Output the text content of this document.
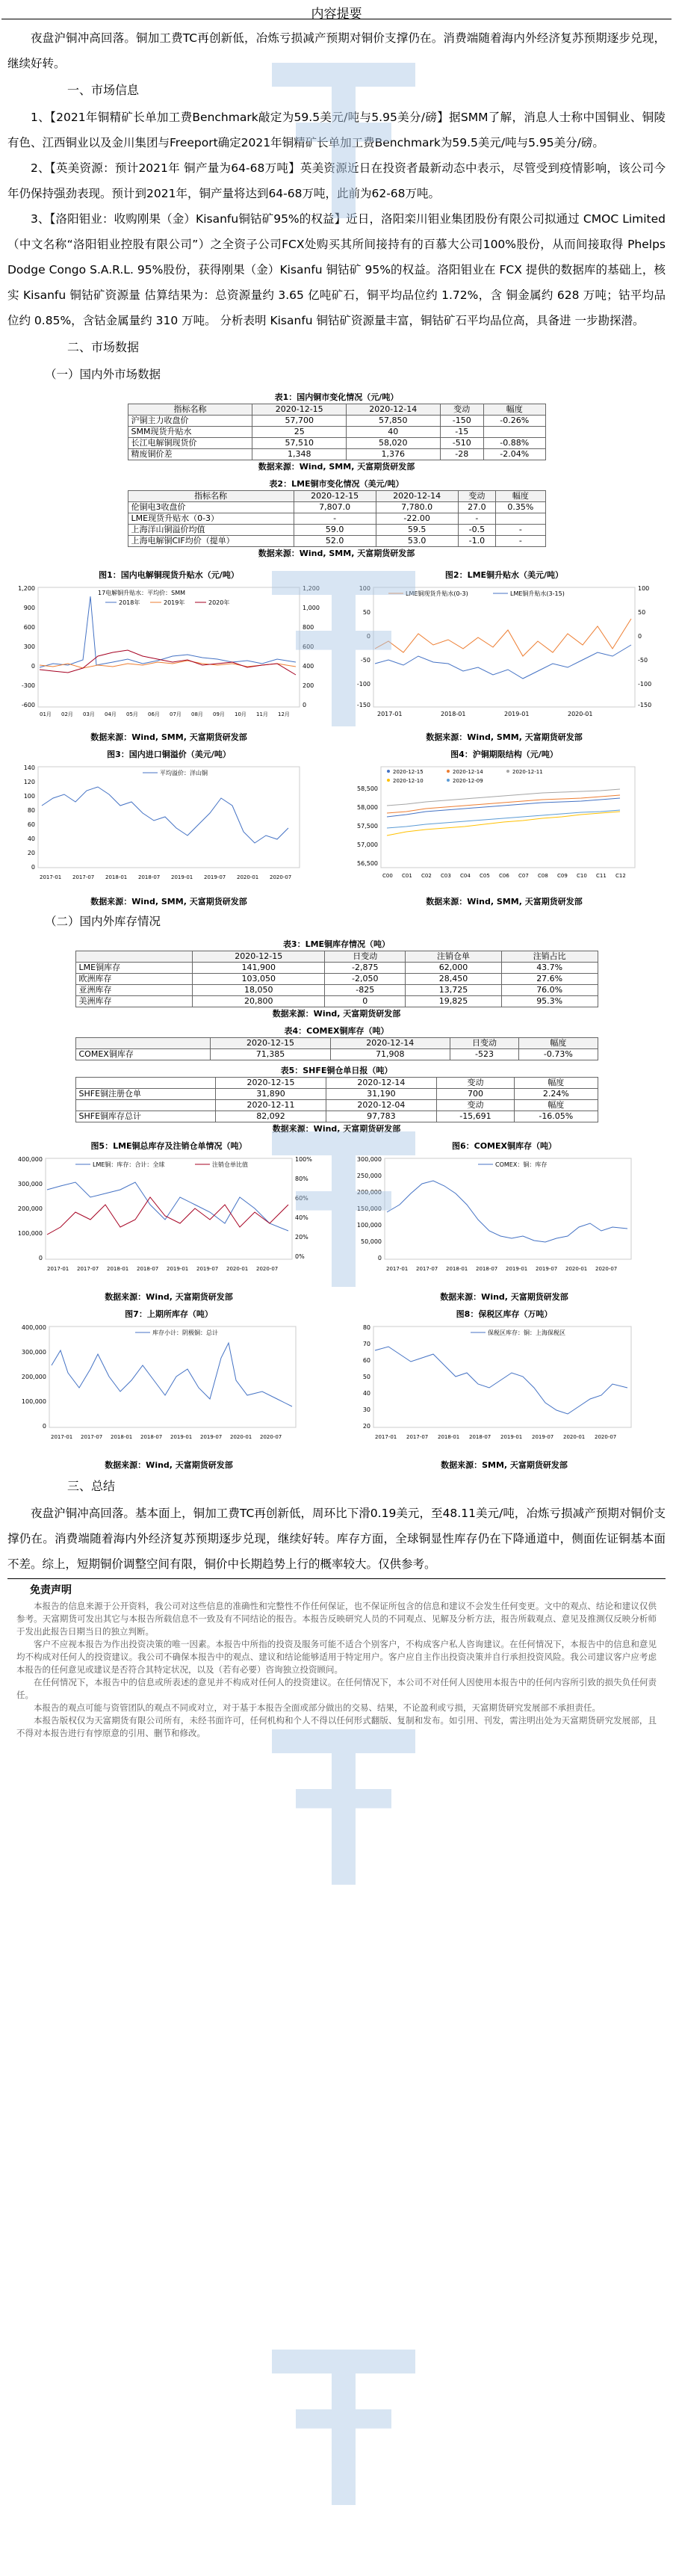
内容提要
夜盘沪铜冲高回落。铜加工费TC再创新低，冶炼亏损减产预期对铜价支撑仍在。消费端随着海内外经济复苏预期逐步兑现，继续好转。
一、市场信息
1、【2021年铜精矿长单加工费Benchmark敲定为59.5美元/吨与5.95美分/磅】据SMM了解，消息人士称中国铜业、铜陵有色、江西铜业以及金川集团与Freeport确定2021年铜精矿长单加工费Benchmark为59.5美元/吨与5.95美分/磅。
2、【英美资源：预计2021年 铜产量为64-68万吨】英美资源近日在投资者最新动态中表示，尽管受到疫情影响，该公司今年仍保持强劲表现。预计到2021年，铜产量将达到64-68万吨，此前为62-68万吨。
3、【洛阳钼业：收购刚果（金）Kisanfu铜钴矿95%的权益】近日，洛阳栾川钼业集团股份有限公司拟通过 CMOC Limited（中文名称“洛阳钼业控股有限公司”）之全资子公司FCX处购买其所间接持有的百慕大公司100%股份，从而间接取得 Phelps Dodge Congo S.A.R.L. 95%股份，获得刚果（金）Kisanfu 铜钴矿 95%的权益。洛阳钼业在 FCX 提供的数据库的基础上，核实 Kisanfu 铜钴矿资源量 估算结果为：总资源量约 3.65 亿吨矿石，铜平均品位约 1.72%，含 铜金属约 628 万吨；钴平均品位约 0.85%，含钴金属量约 310 万吨。 分析表明 Kisanfu 铜钴矿资源量丰富，铜钴矿石平均品位高，具备进 一步勘探潜。
二、市场数据
（一）国内外市场数据
表1：国内铜市变化情况（元/吨）
指标名称	2020-12-15	2020-12-14	变动	幅度
沪铜主力收盘价	57,700	57,850	-150	-0.26%
SMM现货升贴水	25	40	-15	
长江电解铜现货价	57,510	58,020	-510	-0.88%
精废铜价差	1,348	1,376	-28	-2.04%
数据来源：Wind, SMM, 天富期货研发部
表2：LME铜市变化情况（美元/吨）
指标名称	2020-12-15	2020-12-14	变动	幅度
伦铜电3收盘价	7,807.0	7,780.0	27.0	0.35%
LME现货升贴水（0-3）	-	-22.00	-	
上海洋山铜溢价均值	59.0	59.5	-0.5	-
上海电解铜CIF均价（提单）	52.0	53.0	-1.0	-
数据来源：Wind, SMM, 天富期货研发部
图1：国内电解铜现货升贴水（元/吨）
17电解铜升贴水：平均价：SMM
2018年	2019年	2020年
1,200
900
600
300
0
-300
-600
1,200
1,000
800
600
400
200
0
01月 02月 03月 04月 05月 06月 07月 08月 09月 10月 11月 12月
数据来源：Wind, SMM, 天富期货研发部
图2：LME铜升贴水（美元/吨）
LME铜现货升贴水(0-3)	LME铜升贴水(3-15)
100
50
0
-50
-100
-150
100
50
0
-50
-100
-150
2017-01	2018-01	2019-01	2020-01
数据来源：Wind, SMM, 天富期货研发部
图3：国内进口铜溢价（美元/吨）
平均溢价：洋山铜
140
120
100
80
60
40
20
0
2017-01 2017-07 2018-01 2018-07 2019-01 2019-07 2020-01 2020-07
数据来源：Wind, SMM, 天富期货研发部
图4：沪铜期限结构（元/吨）
2020-12-15	2020-12-14	2020-12-11
2020-12-10	2020-12-09
58,500
58,000
57,500
57,000
56,500
C00 C01 C02 C03 C04 C05 C06 C07 C08 C09 C10 C11 C12
数据来源：Wind, SMM, 天富期货研发部
（二）国内外库存情况
表3：LME铜库存情况（吨）
	2020-12-15	日变动	注销仓单	注销占比
LME铜库存	141,900	-2,875	62,000	43.7%
欧洲库存	103,050	-2,050	28,450	27.6%
亚洲库存	18,050	-825	13,725	76.0%
美洲库存	20,800	0	19,825	95.3%
数据来源：Wind, 天富期货研发部
表4：COMEX铜库存（吨）
	2020-12-15	2020-12-14	日变动	幅度
COMEX铜库存	71,385	71,908	-523	-0.73%
表5：SHFE铜仓单日报（吨）
	2020-12-15	2020-12-14	变动	幅度
SHFE铜注册仓单	31,890	31,190	700	2.24%
	2020-12-11	2020-12-04	变动	幅度
SHFE铜库存总计	82,092	97,783	-15,691	-16.05%
数据来源：Wind, 天富期货研发部
图5：LME铜总库存及注销仓单情况（吨）
LME铜：库存：合计：全球	注销仓单比值
400,000
300,000
200,000
100,000
0
100%
80%
60%
40%
20%
0%
2017-01 2017-07 2018-01 2018-07 2019-01 2019-07 2020-01 2020-07
数据来源：Wind, 天富期货研发部
图6：COMEX铜库存（吨）
COMEX：铜：库存
300,000
250,000
200,000
150,000
100,000
50,000
0
2017-01 2017-07 2018-01 2018-07 2019-01 2019-07 2020-01 2020-07
数据来源：Wind, 天富期货研发部
图7：上期所库存（吨）
库存小计：阴极铜：总计
400,000
300,000
200,000
100,000
0
2017-01 2017-07 2018-01 2018-07 2019-01 2019-07 2020-01 2020-07
数据来源：Wind, 天富期货研发部
图8：保税区库存（万吨）
保税区库存：铜：上海保税区
80
70
60
50
40
30
20
2017-01 2017-07 2018-01 2018-07 2019-01 2019-07 2020-01 2020-07
数据来源：SMM, 天富期货研发部
三、总结
夜盘沪铜冲高回落。基本面上，铜加工费TC再创新低，周环比下滑0.19美元，至48.11美元/吨，冶炼亏损减产预期对铜价支撑仍在。消费端随着海内外经济复苏预期逐步兑现，继续好转。库存方面，全球铜显性库存仍在下降通道中，侧面佐证铜基本面不差。综上，短期铜价调整空间有限，铜价中长期趋势上行的概率较大。仅供参考。
免责声明
本报告的信息来源于公开资料，我公司对这些信息的准确性和完整性不作任何保证，也不保证所包含的信息和建议不会发生任何变更。文中的观点、结论和建议仅供参考。天富期货可发出其它与本报告所载信息不一致及有不同结论的报告。本报告反映研究人员的不同观点、见解及分析方法，报告所载观点、意见及推测仅反映分析师于发出此报告日期当日的独立判断。
客户不应视本报告为作出投资决策的唯一因素。本报告中所指的投资及服务可能不适合个别客户，不构成客户私人咨询建议。在任何情况下，本报告中的信息和意见均不构成对任何人的投资建议。我公司不确保本报告中的观点、建议和结论能够适用于特定用户。客户应自主作出投资决策并自行承担投资风险。我公司建议客户应考虑本报告的任何意见或建议是否符合其特定状况，以及（若有必要）咨询独立投资顾问。
在任何情况下，本报告中的信息或所表述的意见并不构成对任何人的投资建议。在任何情况下，本公司不对任何人因使用本报告中的任何内容所引致的损失负任何责任。
本报告的观点可能与资管团队的观点不同或对立，对于基于本报告全面或部分做出的交易、结果，不论盈利或亏损，天富期货研究发展部不承担责任。
本报告版权仅为天富期货有限公司所有，未经书面许可，任何机构和个人不得以任何形式翻版、复制和发布。如引用、刊发，需注明出处为天富期货研究发展部，且不得对本报告进行有悖原意的引用、删节和修改。
